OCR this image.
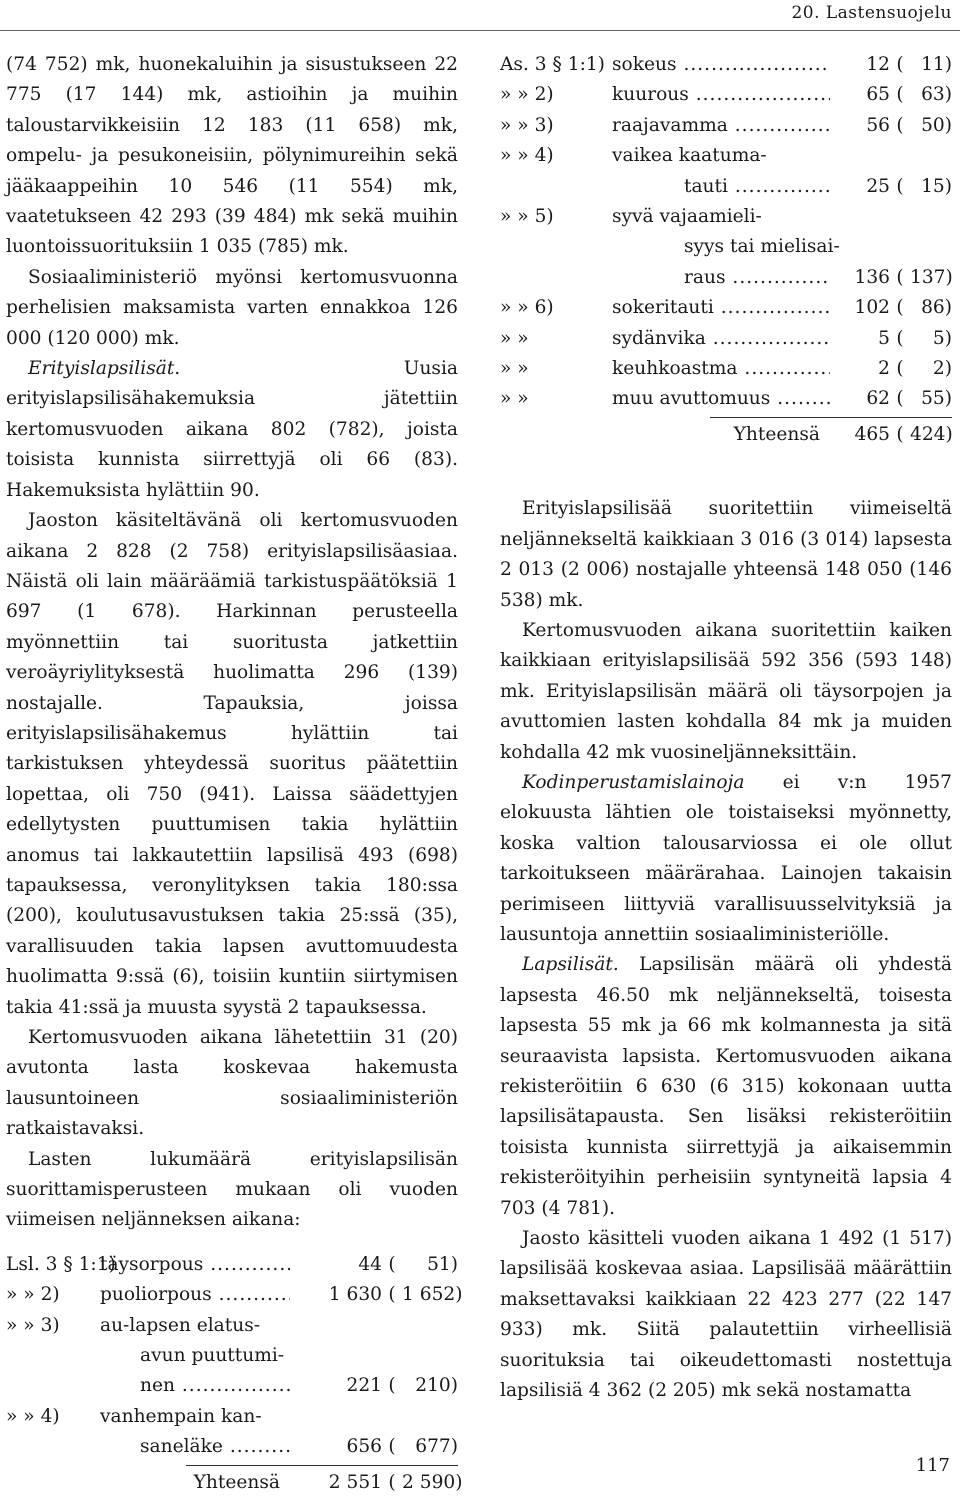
20. Lastensuojelu

(74 752) mk, huonekaluihin ja sisustukseen 22 775 (17 144) mk, astioihin ja muihin taloustarvikkeisiin 12 183 (11 658) mk, ompelu- ja pesukoneisiin, pölynimureihin sekä jääkaappeihin 10 546 (11 554) mk, vaatetukseen 42 293 (39 484) mk sekä muihin luontoissuorituksiin 1 035 (785) mk.

Sosiaaliministeriö myönsi kertomusvuonna perhelisien maksamista varten ennakkoa 126 000 (120 000) mk.

Erityislapsilisät. Uusia erityislapsilisähakemuksia jätettiin kertomusvuoden aikana 802 (782), joista toisista kunnista siirrettyjä oli 66 (83). Hakemuksista hylättiin 90.

Jaoston käsiteltävänä oli kertomusvuoden aikana 2 828 (2 758) erityislapsilisäasiaa. Näistä oli lain määräämiä tarkistuspäätöksiä 1 697 (1 678). Harkinnan perusteella myönnettiin tai suoritusta jatkettiin veroäyriylityksestä huolimatta 296 (139) nostajalle. Tapauksia, joissa erityislapsilisähakemus hylättiin tai tarkistuksen yhteydessä suoritus päätettiin lopettaa, oli 750 (941). Laissa säädettyjen edellytysten puuttumisen takia hylättiin anomus tai lakkautettiin lapsilisä 493 (698) tapauksessa, veronylityksen takia 180:ssa (200), koulutusavustuksen takia 25:ssä (35), varallisuuden takia lapsen avuttomuudesta huolimatta 9:ssä (6), toisiin kuntiin siirtymisen takia 41:ssä ja muusta syystä 2 tapauksessa.

Kertomusvuoden aikana lähetettiin 31 (20) avutonta lasta koskevaa hakemusta lausuntoineen sosiaaliministeriön ratkaistavaksi.

Lasten lukumäärä erityislapsilisän suorittamisperusteen mukaan oli vuoden viimeisen neljänneksen aikana:

Lsl. 3 § 1:1)
täysorpous .....	44 (	51)
» » 2)	puoliorpous .....	1 630 ( 1 652)
» » 3)	au-lapsen elatus-
avun puuttumi-
nen .....	221 (	210)
» » 4)	vanhempain kan-
saneläke .....	656 (	677)
Yhteensä	2 551 ( 2 590)
As. 3 § 1:1) sokeus .....	12 ( 11)
» » 2)	kuurous .....	65 ( 63)
» » 3)	raajavamma .....	56 ( 50)
» » 4)	vaikea kaatuma-
tauti .....	25 ( 15)
» » 5)	syvä vajaamieli-
syys tai mielisai-
raus .....	136 ( 137)
» » 6)	sokeritauti .....	102 ( 86)
» »	sydänvika .....	5 (	5)
» »	keuhkoastma .....	2 (	2)
» »	muu avuttomuus .....	62 ( 55)
Yhteensä	465 ( 424)

Erityislapsilisää suoritettiin viimeiseltä neljännekseltä kaikkiaan 3 016 (3 014) lapsesta 2 013 (2 006) nostajalle yhteensä 148 050 (146 538) mk.

Kertomusvuoden aikana suoritettiin kaiken kaikkiaan erityislapsilisää 592 356 (593 148) mk. Erityislapsilisän määrä oli täysorpojen ja avuttomien lasten kohdalla 84 mk ja muiden kohdalla 42 mk vuosineljänneksittäin.

Kodinperustamislainoja ei v:n 1957 elokuusta lähtien ole toistaiseksi myönnetty, koska valtion talousarviossa ei ole ollut tarkoitukseen määrärahaa. Lainojen takaisin perimiseen liittyviä varallisuusselvityksiä ja lausuntoja annettiin sosiaaliministeriölle.

Lapsilisät. Lapsilisän määrä oli yhdestä lapsesta 46.50 mk neljännekseltä, toisesta lapsesta 55 mk ja 66 mk kolmannesta ja sitä seuraavista lapsista. Kertomusvuoden aikana rekisteröitiin 6 630 (6 315) kokonaan uutta lapsilisätapausta. Sen lisäksi rekisteröitiin toisista kunnista siirrettyjä ja aikaisemmin rekisteröityihin perheisiin syntyneitä lapsia 4 703 (4 781).

Jaosto käsitteli vuoden aikana 1 492 (1 517) lapsilisää koskevaa asiaa. Lapsilisää määrättiin maksettavaksi kaikkiaan 22 423 277 (22 147 933) mk. Siitä palautettiin virheellisiä suorituksia tai oikeudettomasti nostettuja lapsilisiä 4 362 (2 205) mk sekä nostamatta

117
